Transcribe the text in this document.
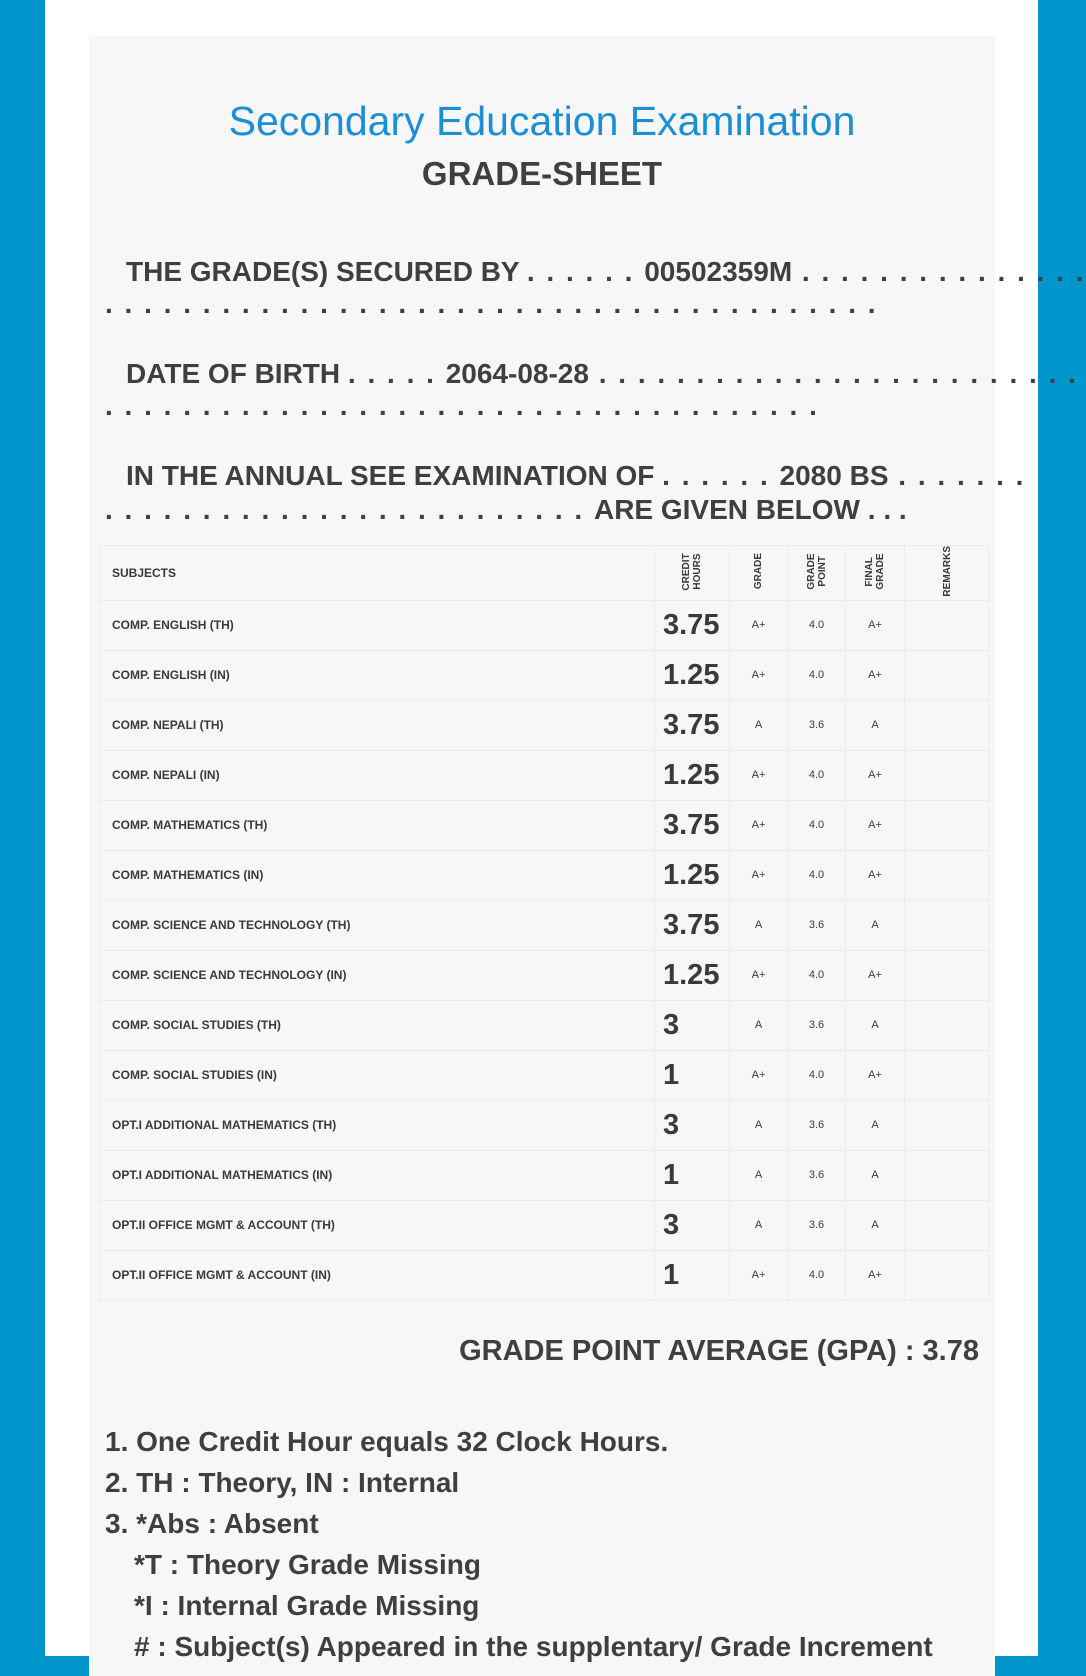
Secondary Education Examination
GRADE-SHEET
THE GRADE(S) SECURED BY . . . . . . 00502359M . . . . . . . . . . . . . . .
. . . . . . . . . . . . . . . . . . . . . . . . . . . . . . . . . . . . . . . .
DATE OF BIRTH . . . . . 2064-08-28 . . . . . . . . . . . . . . . . . . . . . . . . .
. . . . . . . . . . . . . . . . . . . . . . . . . . . . . . . . . . . . .
IN THE ANNUAL SEE EXAMINATION OF . . . . . . 2080 BS . . . . . . .
. . . . . . . . . . . . . . . . . . . . . . . . . ARE GIVEN BELOW . . .
SUBJECTS	CREDIT HOURS	GRADE	GRADE POINT	FINAL GRADE	REMARKS
COMP. ENGLISH (TH)	3.75	A+	4.0	A+	
COMP. ENGLISH (IN)	1.25	A+	4.0	A+	
COMP. NEPALI (TH)	3.75	A	3.6	A	
COMP. NEPALI (IN)	1.25	A+	4.0	A+	
COMP. MATHEMATICS (TH)	3.75	A+	4.0	A+	
COMP. MATHEMATICS (IN)	1.25	A+	4.0	A+	
COMP. SCIENCE AND TECHNOLOGY (TH)	3.75	A	3.6	A	
COMP. SCIENCE AND TECHNOLOGY (IN)	1.25	A+	4.0	A+	
COMP. SOCIAL STUDIES (TH)	3	A	3.6	A	
COMP. SOCIAL STUDIES (IN)	1	A+	4.0	A+	
OPT.I ADDITIONAL MATHEMATICS (TH)	3	A	3.6	A	
OPT.I ADDITIONAL MATHEMATICS (IN)	1	A	3.6	A	
OPT.II OFFICE MGMT & ACCOUNT (TH)	3	A	3.6	A	
OPT.II OFFICE MGMT & ACCOUNT (IN)	1	A+	4.0	A+	
GRADE POINT AVERAGE (GPA) : 3.78
1. One Credit Hour equals 32 Clock Hours.
2. TH : Theory, IN : Internal
3. *Abs : Absent
*T : Theory Grade Missing
*I : Internal Grade Missing
# : Subject(s) Appeared in the supplentary/ Grade Increment
